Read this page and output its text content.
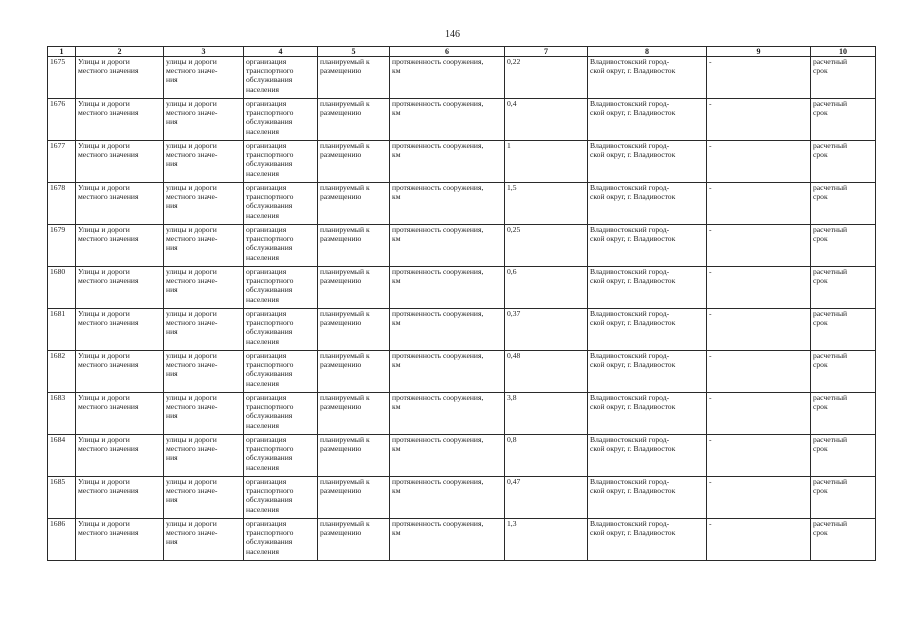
146
1	2	3	4	5	6	7	8	9	10

1675	Улицы и дороги
местного значения	улицы и дороги
местного значе-
ния	организация
транспортного
обслуживания
населения	планируемый к
размещению	протяженность сооружения,
км	0,22	Владивостокский город-
ской округ, г. Владивосток	-	расчетный
срок

1676	Улицы и дороги
местного значения	улицы и дороги
местного значе-
ния	организация
транспортного
обслуживания
населения	планируемый к
размещению	протяженность сооружения,
км	0,4	Владивостокский город-
ской округ, г. Владивосток	-	расчетный
срок

1677	Улицы и дороги
местного значения	улицы и дороги
местного значе-
ния	организация
транспортного
обслуживания
населения	планируемый к
размещению	протяженность сооружения,
км	1	Владивостокский город-
ской округ, г. Владивосток	-	расчетный
срок

1678	Улицы и дороги
местного значения	улицы и дороги
местного значе-
ния	организация
транспортного
обслуживания
населения	планируемый к
размещению	протяженность сооружения,
км	1,5	Владивостокский город-
ской округ, г. Владивосток	-	расчетный
срок

1679	Улицы и дороги
местного значения	улицы и дороги
местного значе-
ния	организация
транспортного
обслуживания
населения	планируемый к
размещению	протяженность сооружения,
км	0,25	Владивостокский город-
ской округ, г. Владивосток	-	расчетный
срок

1680	Улицы и дороги
местного значения	улицы и дороги
местного значе-
ния	организация
транспортного
обслуживания
населения	планируемый к
размещению	протяженность сооружения,
км	0,6	Владивостокский город-
ской округ, г. Владивосток	-	расчетный
срок

1681	Улицы и дороги
местного значения	улицы и дороги
местного значе-
ния	организация
транспортного
обслуживания
населения	планируемый к
размещению	протяженность сооружения,
км	0,37	Владивостокский город-
ской округ, г. Владивосток	-	расчетный
срок

1682	Улицы и дороги
местного значения	улицы и дороги
местного значе-
ния	организация
транспортного
обслуживания
населения	планируемый к
размещению	протяженность сооружения,
км	0,48	Владивостокский город-
ской округ, г. Владивосток	-	расчетный
срок

1683	Улицы и дороги
местного значения	улицы и дороги
местного значе-
ния	организация
транспортного
обслуживания
населения	планируемый к
размещению	протяженность сооружения,
км	3,8	Владивостокский город-
ской округ, г. Владивосток	-	расчетный
срок

1684	Улицы и дороги
местного значения	улицы и дороги
местного значе-
ния	организация
транспортного
обслуживания
населения	планируемый к
размещению	протяженность сооружения,
км	0,8	Владивостокский город-
ской округ, г. Владивосток	-	расчетный
срок

1685	Улицы и дороги
местного значения	улицы и дороги
местного значе-
ния	организация
транспортного
обслуживания
населения	планируемый к
размещению	протяженность сооружения,
км	0,47	Владивостокский город-
ской округ, г. Владивосток	-	расчетный
срок

1686	Улицы и дороги
местного значения	улицы и дороги
местного значе-
ния	организация
транспортного
обслуживания
населения	планируемый к
размещению	протяженность сооружения,
км	1,3	Владивостокский город-
ской округ, г. Владивосток	-	расчетный
срок
